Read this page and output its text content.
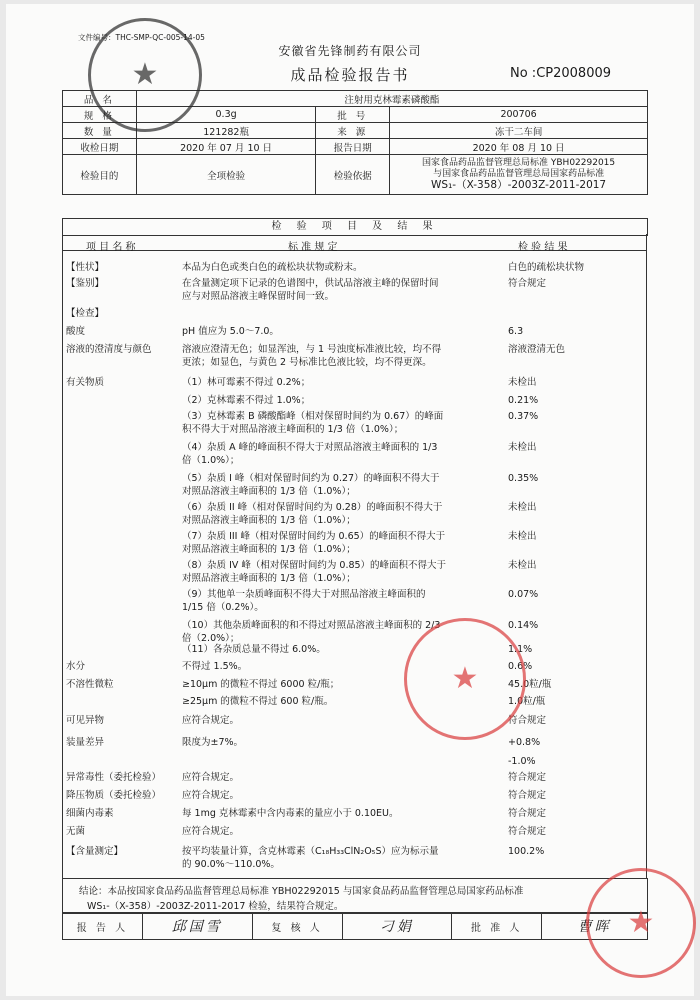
文件编号：THC-SMP-QC-005-14-05
安徽省先锋制药有限公司
成品检验报告书	No :CP2008009
品 名	注射用克林霉素磷酸酯		
规 格	0.3g	批 号	200706
数 量	121282瓶	来 源	冻干二车间
收检日期	2020 年 07 月 10 日	报告日期	2020 年 08 月 10 日
检验目的	全项检验	检验依据	国家食品药品监督管理总局标准 YBH02292015
与国家食品药品监督管理总局国家药品标准
WS₁-（X-358）-2003Z-2011-2017
检 验 项 目 及 结 果
项 目 名 称	标 准 规 定	检 验 结 果
【性状】	本品为白色或类白色的疏松块状物或粉末。	白色的疏松块状物
【鉴别】	在含量测定项下记录的色谱图中，供试品溶液主峰的保留时间
应与对照品溶液主峰保留时间一致。
符合规定
【检查】
酸度	pH 值应为 5.0～7.0。	6.3
溶液的澄清度与颜色	溶液应澄清无色；如显浑浊，与 1 号浊度标准液比较，均不得
更浓；如显色，与黄色 2 号标准比色液比较，均不得更深。
溶液澄清无色
有关物质	（1）林可霉素不得过 0.2%；	未检出
（2）克林霉素不得过 1.0%；	0.21%
（3）克林霉素 B 磷酸酯峰（相对保留时间约为 0.67）的峰面
积不得大于对照品溶液主峰面积的 1/3 倍（1.0%）；
0.37%
（4）杂质 A 峰的峰面积不得大于对照品溶液主峰面积的 1/3
倍（1.0%）；
未检出
（5）杂质 I 峰（相对保留时间约为 0.27）的峰面积不得大于
对照品溶液主峰面积的 1/3 倍（1.0%）；
0.35%
（6）杂质 II 峰（相对保留时间约为 0.28）的峰面积不得大于
对照品溶液主峰面积的 1/3 倍（1.0%）；
未检出
（7）杂质 III 峰（相对保留时间约为 0.65）的峰面积不得大于
对照品溶液主峰面积的 1/3 倍（1.0%）；
未检出
（8）杂质 IV 峰（相对保留时间约为 0.85）的峰面积不得大于
对照品溶液主峰面积的 1/3 倍（1.0%）；
未检出
（9）其他单一杂质峰面积不得大于对照品溶液主峰面积的
1/15 倍（0.2%）。
0.07%
（10）其他杂质峰面积的和不得过对照品溶液主峰面积的 2/3
倍（2.0%）；
0.14%
（11）各杂质总量不得过 6.0%。	1.1%
水分	不得过 1.5%。	0.6%
不溶性微粒	≥10μm 的微粒不得过 6000 粒/瓶；	45.0粒/瓶
≥25μm 的微粒不得过 600 粒/瓶。	1.0粒/瓶
可见异物	应符合规定。	符合规定
装量差异	限度为±7%。	+0.8%
-1.0%
异常毒性（委托检验）	应符合规定。	符合规定
降压物质（委托检验）	应符合规定。	符合规定
细菌内毒素	每 1mg 克林霉素中含内毒素的量应小于 0.10EU。	符合规定
无菌	应符合规定。	符合规定
【含量测定】	按平均装量计算，含克林霉素（C₁₈H₃₃ClN₂O₅S）应为标示量
的 90.0%～110.0%。
100.2%
结论：本品按国家食品药品监督管理总局标准 YBH02292015 与国家食品药品监督管理总局国家药品标准
WS₁-（X-358）-2003Z-2011-2017 检验，结果符合规定。
报 告 人	邱国雪	复 核 人	刁娟	批 准 人	曹晖
★
★
★
